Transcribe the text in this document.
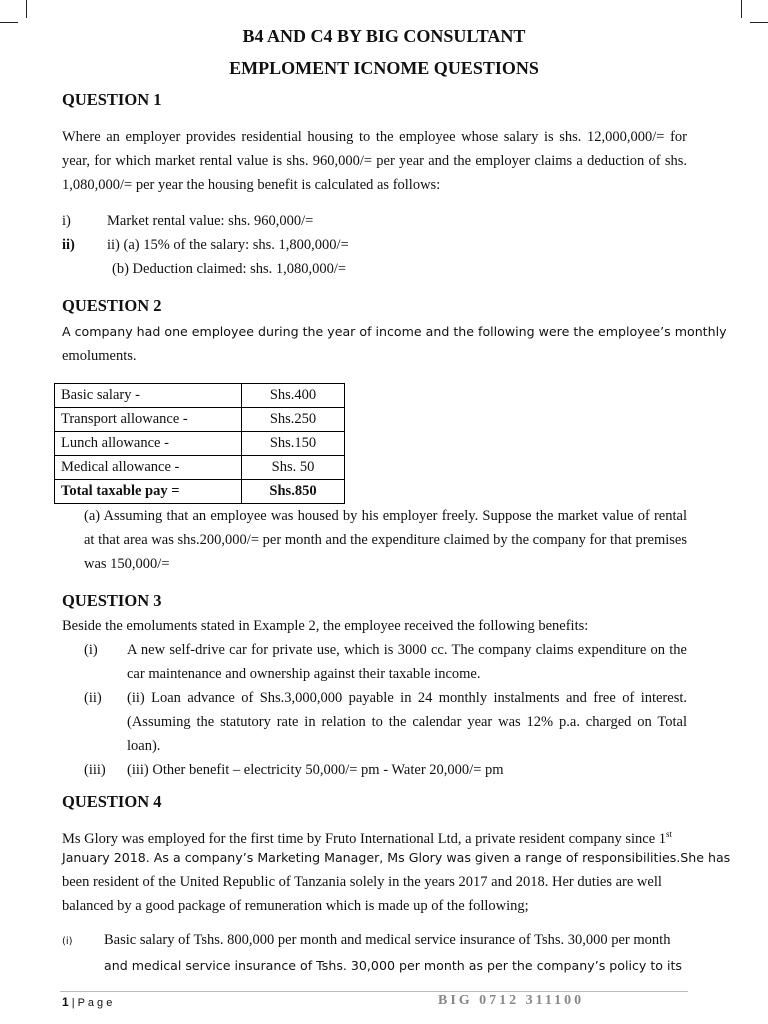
B4 AND C4 BY BIG CONSULTANT
EMPLOMENT ICNOME QUESTIONS
QUESTION 1
Where an employer provides residential housing to the employee whose salary is shs. 12,000,000/= for year, for which market rental value is shs. 960,000/= per year and the employer claims a deduction of shs. 1,080,000/= per year the housing benefit is calculated as follows:
i) Market rental value: shs. 960,000/=
ii) ii) (a) 15% of the salary: shs. 1,800,000/=
(b) Deduction claimed: shs. 1,080,000/=
QUESTION 2
A company had one employee during the year of income and the following were the employee’s monthly
emoluments.
Basic salary -	Shs.400
Transport allowance -	Shs.250
Lunch allowance -	Shs.150
Medical allowance -	Shs. 50
Total taxable pay =	Shs.850
(a) Assuming that an employee was housed by his employer freely. Suppose the market value of rental at that area was shs.200,000/= per month and the expenditure claimed by the company for that premises was 150,000/=
QUESTION 3
Beside the emoluments stated in Example 2, the employee received the following benefits:
(i) A new self-drive car for private use, which is 3000 cc. The company claims expenditure on the car maintenance and ownership against their taxable income.
(ii) (ii) Loan advance of Shs.3,000,000 payable in 24 monthly instalments and free of interest. (Assuming the statutory rate in relation to the calendar year was 12% p.a. charged on Total loan).
(iii) (iii) Other benefit – electricity 50,000/= pm - Water 20,000/= pm
QUESTION 4
Ms Glory was employed for the first time by Fruto International Ltd, a private resident company since 1st
January 2018. As a company’s Marketing Manager, Ms Glory was given a range of responsibilities.She has
been resident of the United Republic of Tanzania solely in the years 2017 and 2018. Her duties are well
balanced by a good package of remuneration which is made up of the following;
(i) Basic salary of Tshs. 800,000 per month and medical service insurance of Tshs. 30,000 per month
and medical service insurance of Tshs. 30,000 per month as per the company’s policy to its
1 | P a g e	BIG 0712 311100
